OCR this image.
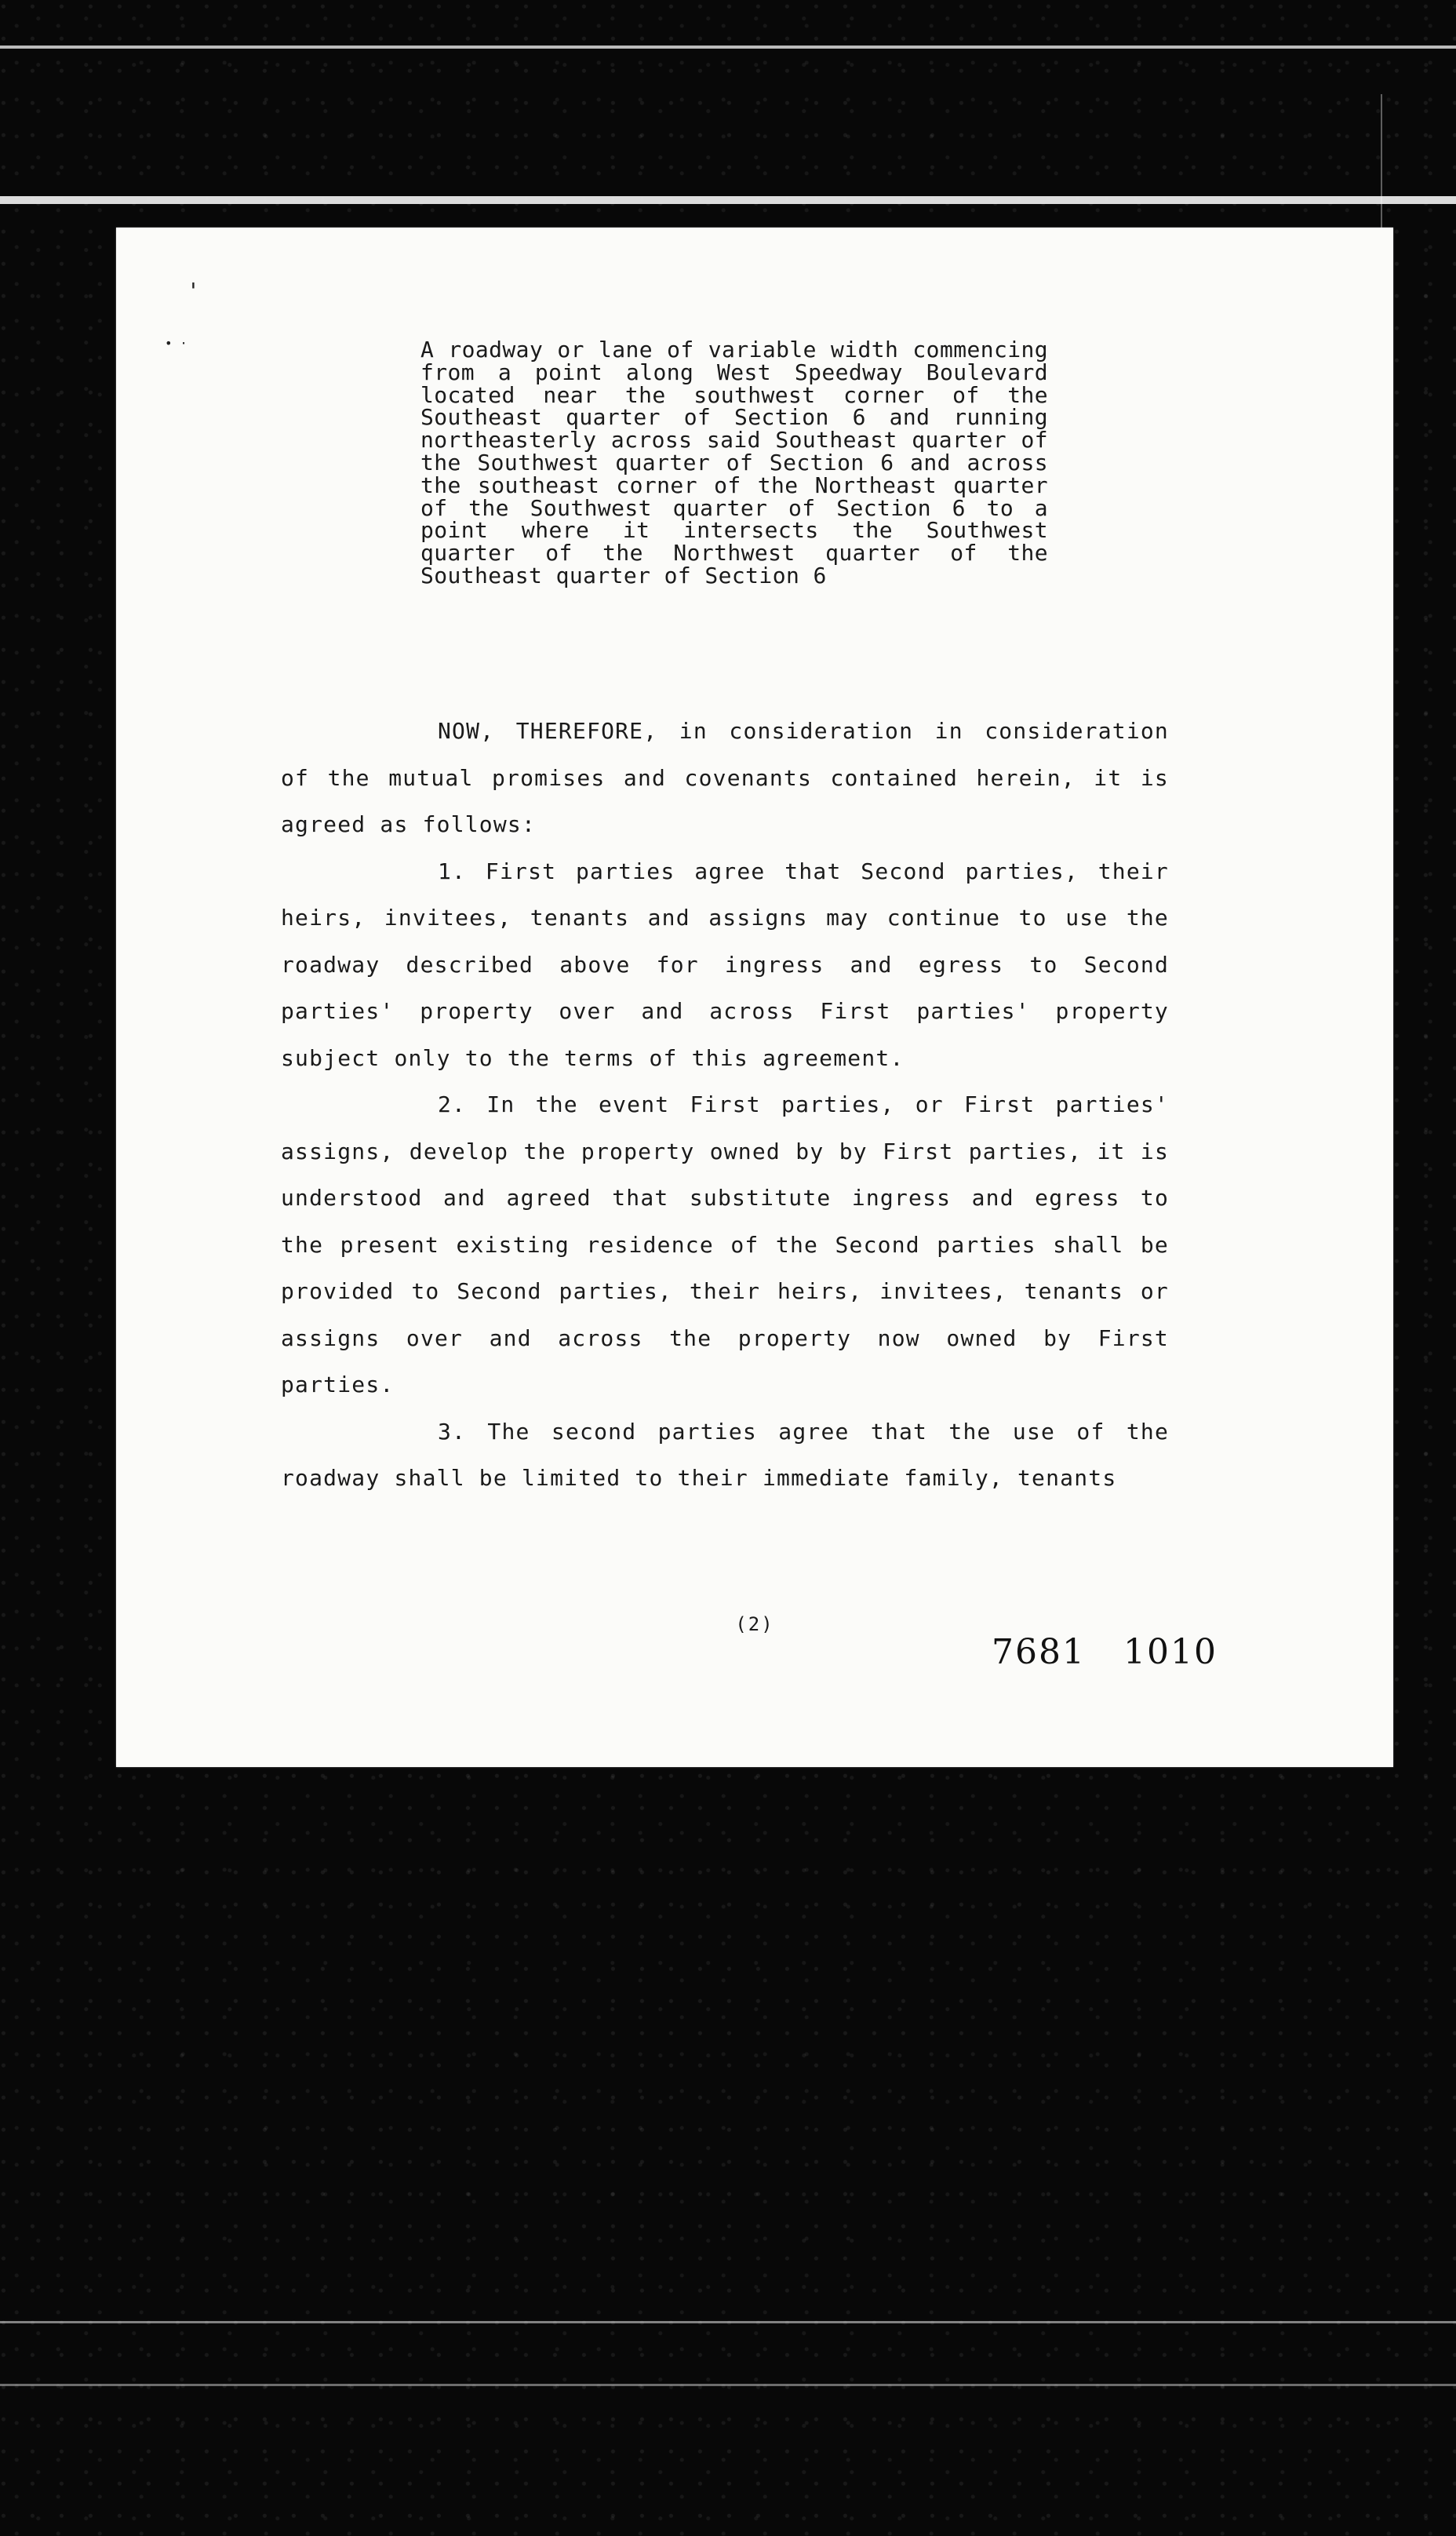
'
• ·	A roadway or lane of variable width commencing from a point along West Speedway Boulevard located near the southwest corner of the Southeast quarter of Section 6 and running northeasterly across said Southeast quarter of the Southwest quarter of Section 6 and across the southeast corner of the Northeast quarter of the Southwest quarter of Section 6 to a point where it intersects the Southwest quarter of the Northwest quarter of the Southeast quarter of Section 6

NOW, THEREFORE, in consideration in consideration of the mutual promises and covenants contained herein, it is agreed as follows:

1. First parties agree that Second parties, their heirs, invitees, tenants and assigns may continue to use the roadway described above for ingress and egress to Second parties' property over and across First parties' property subject only to the terms of this agreement.

2. In the event First parties, or First parties' assigns, develop the property owned by by First parties, it is understood and agreed that substitute ingress and egress to the present existing residence of the Second parties shall be provided to Second parties, their heirs, invitees, tenants or assigns over and across the property now owned by First parties.

3. The second parties agree that the use of the roadway shall be limited to their immediate family, tenants

(2)
7681 1010
